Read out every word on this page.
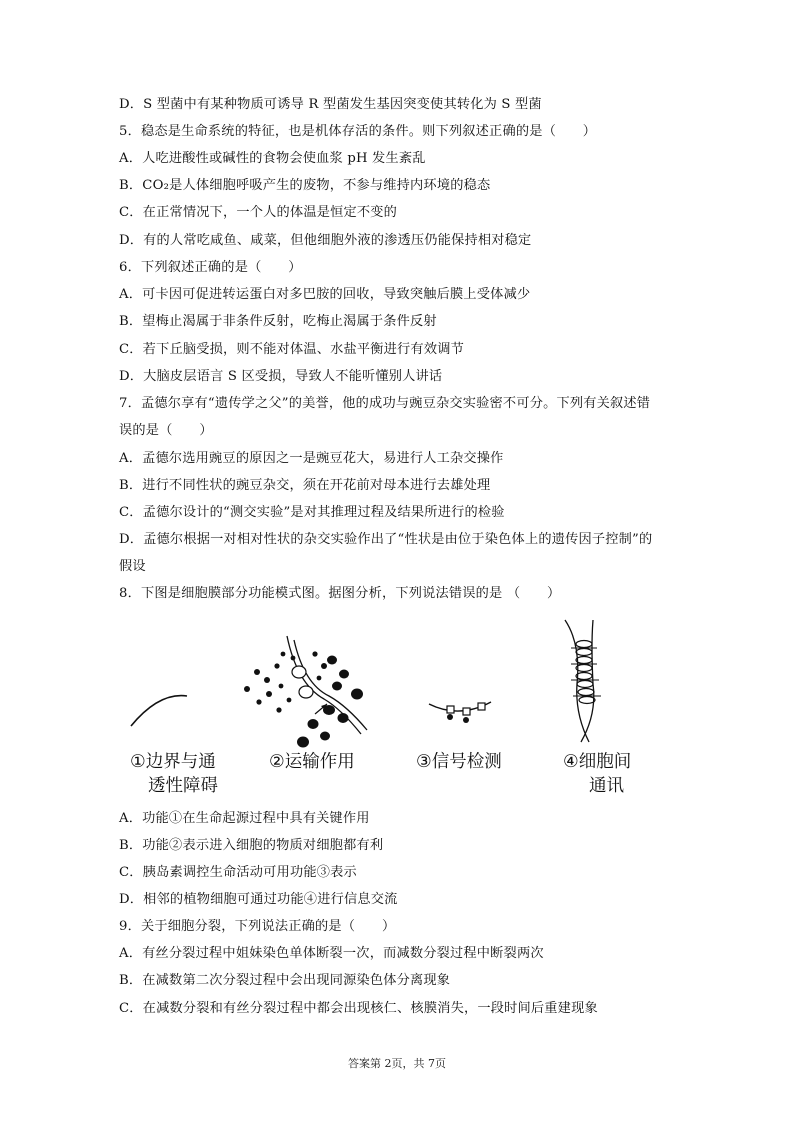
D．S 型菌中有某种物质可诱导 R 型菌发生基因突变使其转化为 S 型菌
5．稳态是生命系统的特征，也是机体存活的条件。则下列叙述正确的是（　　）
A．人吃进酸性或碱性的食物会使血浆 pH 发生紊乱
B．CO₂是人体细胞呼吸产生的废物，不参与维持内环境的稳态
C．在正常情况下，一个人的体温是恒定不变的
D．有的人常吃咸鱼、咸菜，但他细胞外液的渗透压仍能保持相对稳定
6．下列叙述正确的是（　　）
A．可卡因可促进转运蛋白对多巴胺的回收，导致突触后膜上受体减少
B．望梅止渴属于非条件反射，吃梅止渴属于条件反射
C．若下丘脑受损，则不能对体温、水盐平衡进行有效调节
D．大脑皮层语言 S 区受损，导致人不能听懂别人讲话
7．孟德尔享有“遗传学之父”的美誉，他的成功与豌豆杂交实验密不可分。下列有关叙述错
误的是（　　）
A．孟德尔选用豌豆的原因之一是豌豆花大，易进行人工杂交操作
B．进行不同性状的豌豆杂交，须在开花前对母本进行去雄处理
C．孟德尔设计的“测交实验”是对其推理过程及结果所进行的检验
D．孟德尔根据一对相对性状的杂交实验作出了“性状是由位于染色体上的遗传因子控制”的
假设
8．下图是细胞膜部分功能模式图。据图分析，下列说法错误的是 （　　）
①边界与通
透性障碍
②运输作用	③信号检测	④细胞间
通讯
A．功能①在生命起源过程中具有关键作用
B．功能②表示进入细胞的物质对细胞都有利
C．胰岛素调控生命活动可用功能③表示
D．相邻的植物细胞可通过功能④进行信息交流
9．关于细胞分裂，下列说法正确的是（　　）
A．有丝分裂过程中姐妹染色单体断裂一次，而减数分裂过程中断裂两次
B．在减数第二次分裂过程中会出现同源染色体分离现象
C．在减数分裂和有丝分裂过程中都会出现核仁、核膜消失，一段时间后重建现象
答案第 2页，共 7页
